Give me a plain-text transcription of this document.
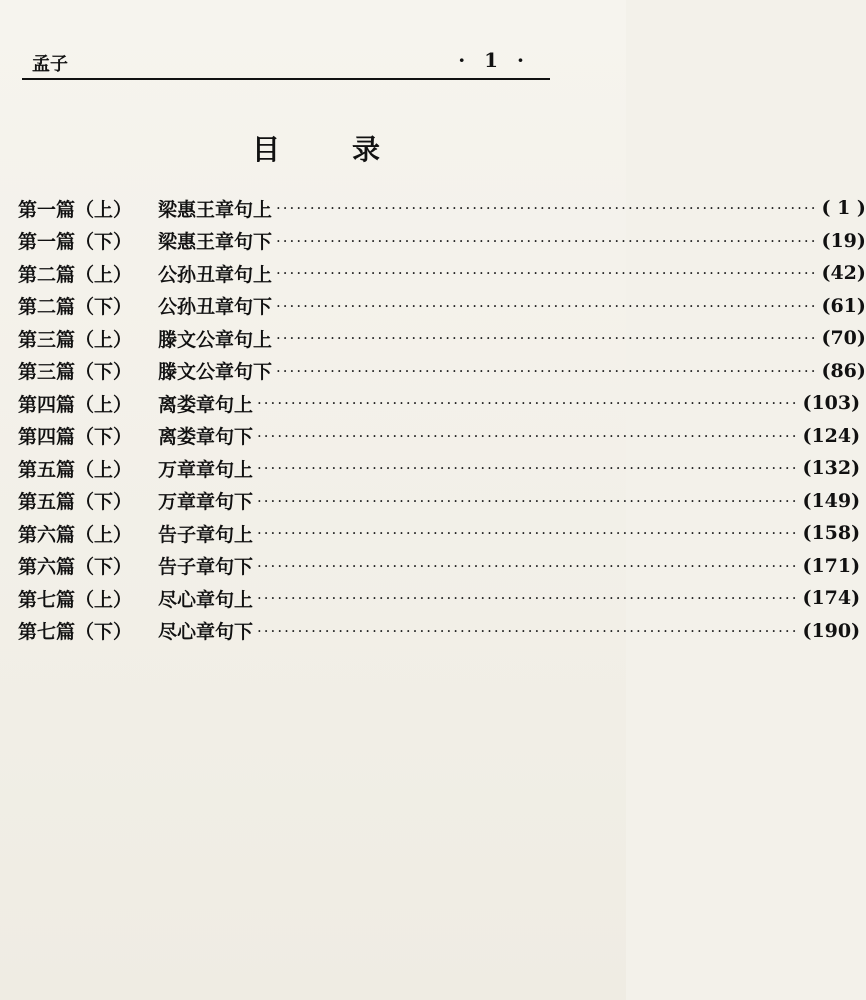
孟子	· 1 ·
目录
第一篇（上）	梁惠王章句上 ················································································ ( 1 )
第一篇（下）	梁惠王章句下 ················································································ (19)
第二篇（上）	公孙丑章句上 ················································································ (42)
第二篇（下）	公孙丑章句下 ················································································ (61)
第三篇（上）	滕文公章句上 ················································································ (70)
第三篇（下）	滕文公章句下 ················································································ (86)
第四篇（上）	离娄章句上 ················································································ (103)
第四篇（下）	离娄章句下 ················································································ (124)
第五篇（上）	万章章句上 ················································································ (132)
第五篇（下）	万章章句下 ················································································ (149)
第六篇（上）	告子章句上 ················································································ (158)
第六篇（下）	告子章句下 ················································································ (171)
第七篇（上）	尽心章句上 ················································································ (174)
第七篇（下）	尽心章句下 ················································································ (190)
